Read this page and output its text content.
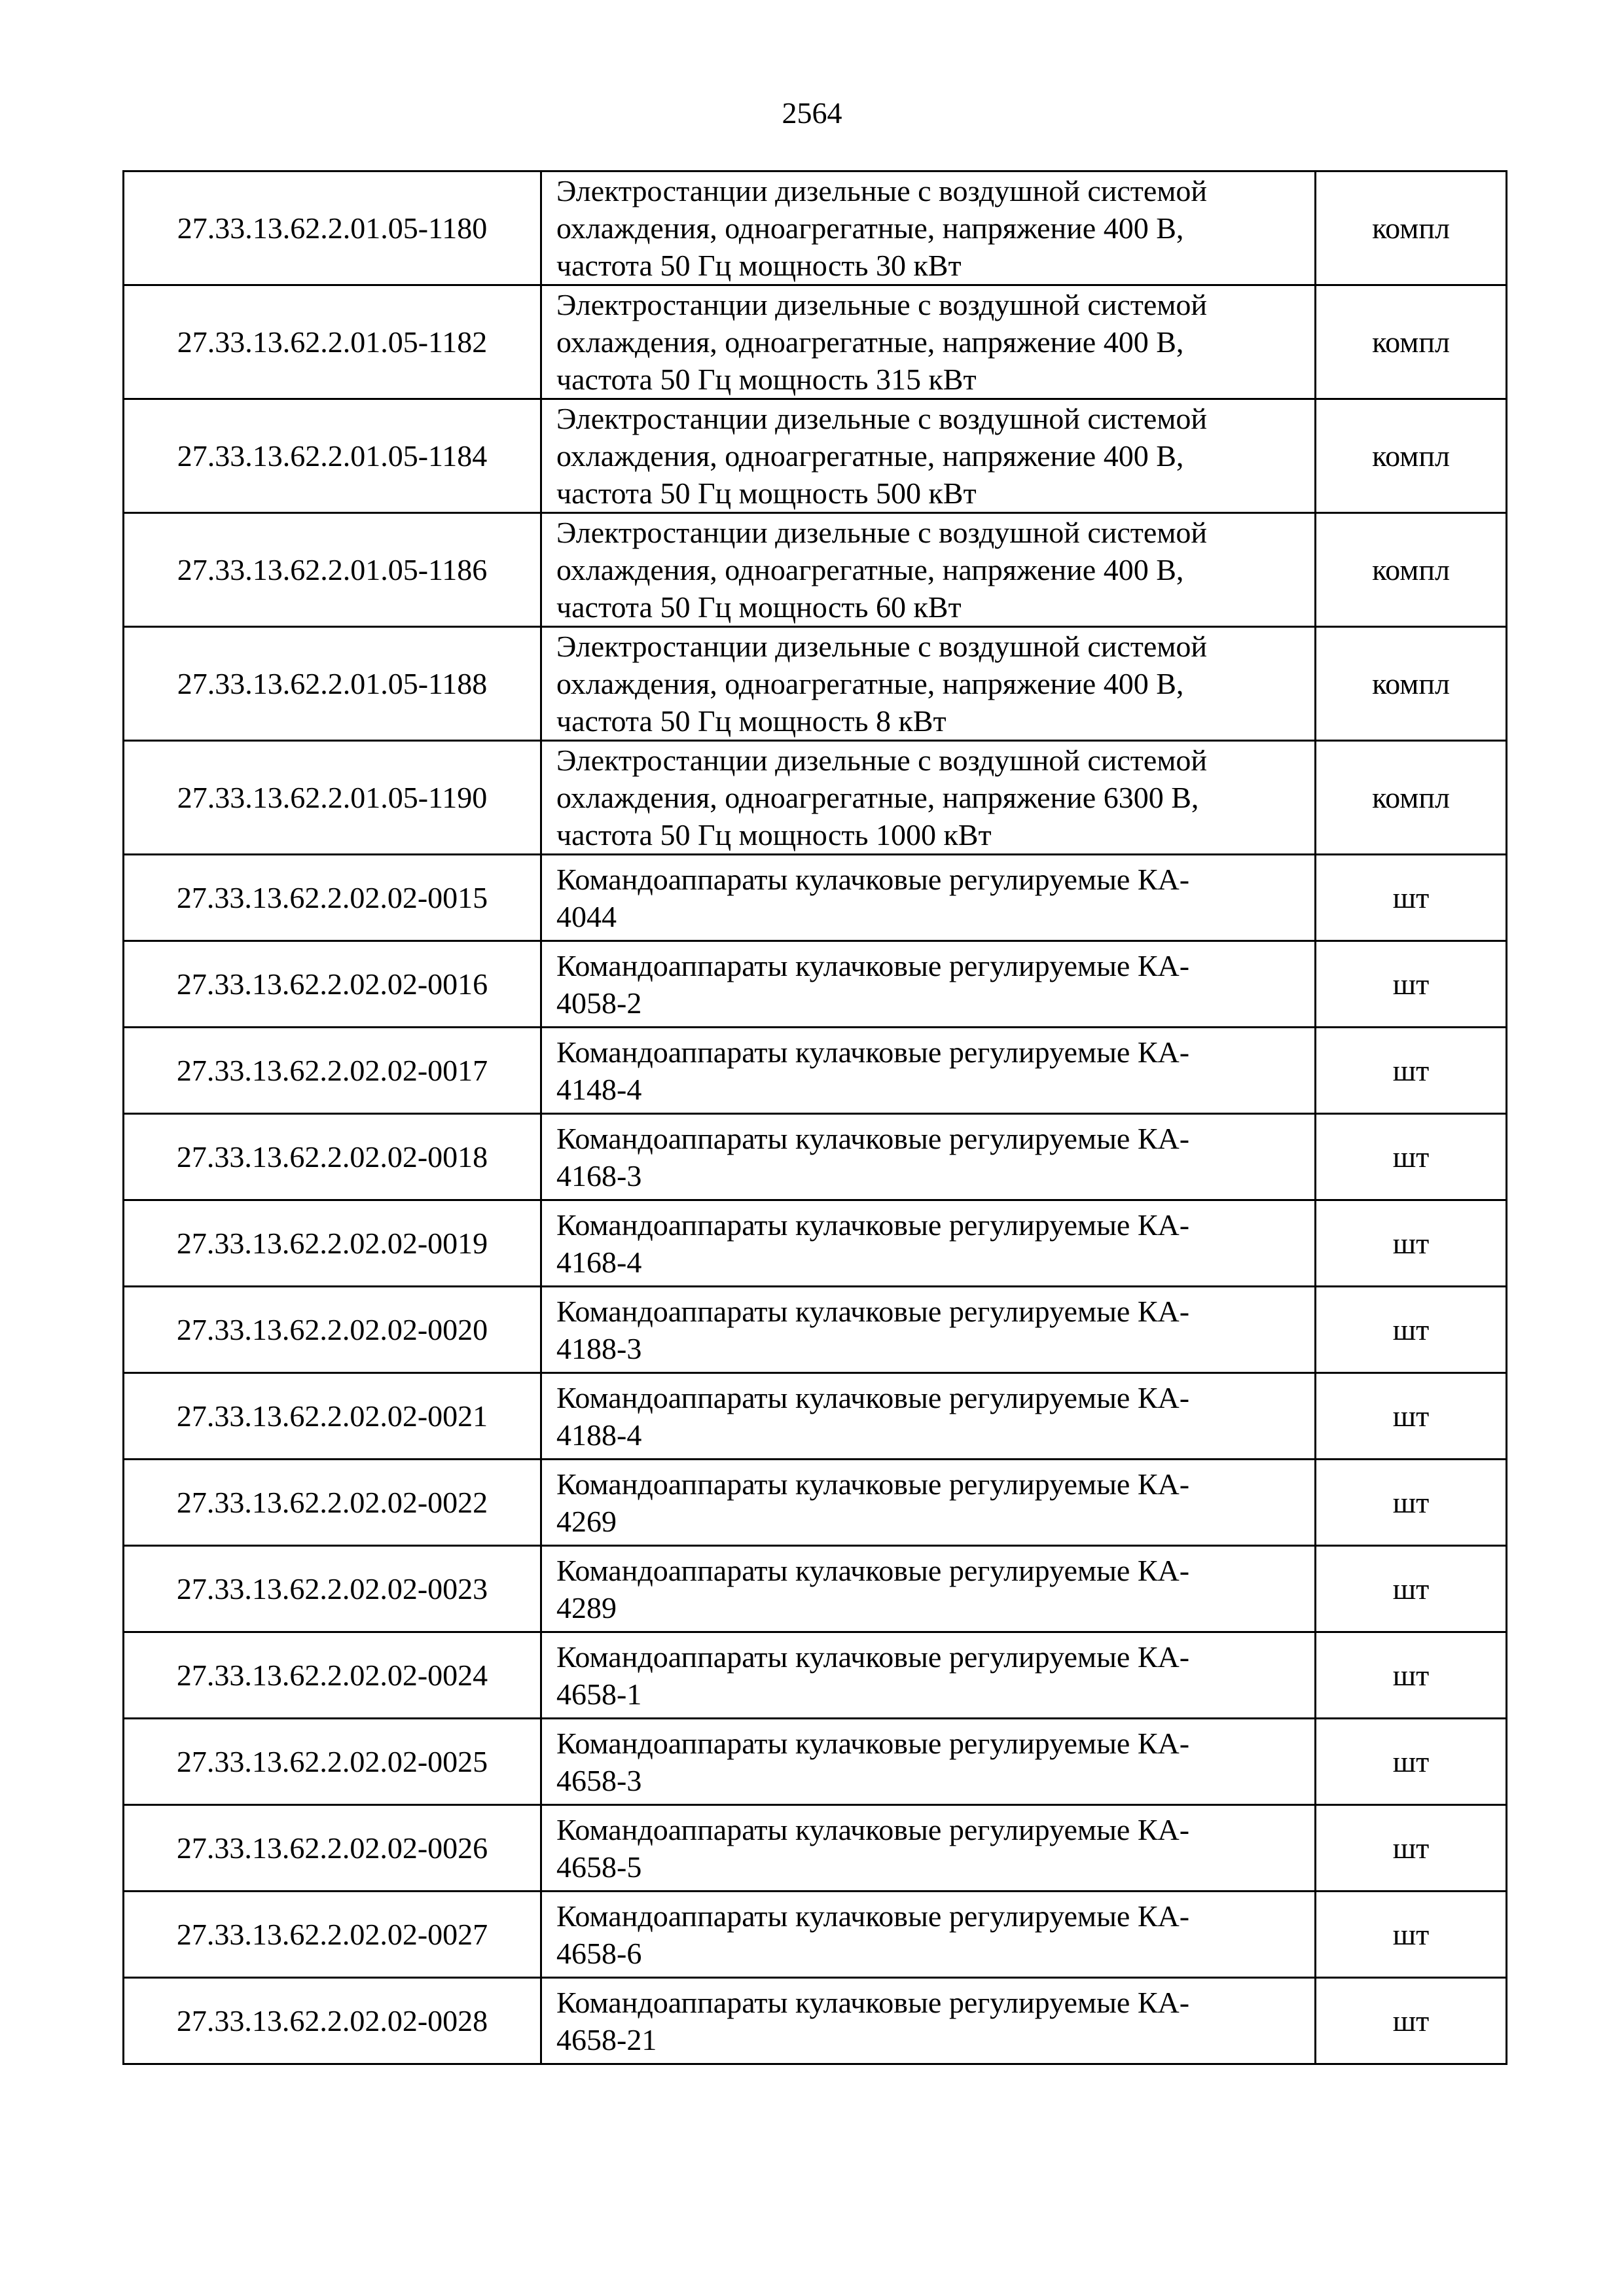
2564
27.33.13.62.2.01.05-1180	Электростанции дизельные с воздушной системой
охлаждения, одноагрегатные, напряжение 400 В,
частота 50 Гц мощность 30 кВт	компл
27.33.13.62.2.01.05-1182	Электростанции дизельные с воздушной системой
охлаждения, одноагрегатные, напряжение 400 В,
частота 50 Гц мощность 315 кВт	компл
27.33.13.62.2.01.05-1184	Электростанции дизельные с воздушной системой
охлаждения, одноагрегатные, напряжение 400 В,
частота 50 Гц мощность 500 кВт	компл
27.33.13.62.2.01.05-1186	Электростанции дизельные с воздушной системой
охлаждения, одноагрегатные, напряжение 400 В,
частота 50 Гц мощность 60 кВт	компл
27.33.13.62.2.01.05-1188	Электростанции дизельные с воздушной системой
охлаждения, одноагрегатные, напряжение 400 В,
частота 50 Гц мощность 8 кВт	компл
27.33.13.62.2.01.05-1190	Электростанции дизельные с воздушной системой
охлаждения, одноагрегатные, напряжение 6300 В,
частота 50 Гц мощность 1000 кВт	компл
27.33.13.62.2.02.02-0015	Командоаппараты кулачковые регулируемые КА-
4044	шт
27.33.13.62.2.02.02-0016	Командоаппараты кулачковые регулируемые КА-
4058-2	шт
27.33.13.62.2.02.02-0017	Командоаппараты кулачковые регулируемые КА-
4148-4	шт
27.33.13.62.2.02.02-0018	Командоаппараты кулачковые регулируемые КА-
4168-3	шт
27.33.13.62.2.02.02-0019	Командоаппараты кулачковые регулируемые КА-
4168-4	шт
27.33.13.62.2.02.02-0020	Командоаппараты кулачковые регулируемые КА-
4188-3	шт
27.33.13.62.2.02.02-0021	Командоаппараты кулачковые регулируемые КА-
4188-4	шт
27.33.13.62.2.02.02-0022	Командоаппараты кулачковые регулируемые КА-
4269	шт
27.33.13.62.2.02.02-0023	Командоаппараты кулачковые регулируемые КА-
4289	шт
27.33.13.62.2.02.02-0024	Командоаппараты кулачковые регулируемые КА-
4658-1	шт
27.33.13.62.2.02.02-0025	Командоаппараты кулачковые регулируемые КА-
4658-3	шт
27.33.13.62.2.02.02-0026	Командоаппараты кулачковые регулируемые КА-
4658-5	шт
27.33.13.62.2.02.02-0027	Командоаппараты кулачковые регулируемые КА-
4658-6	шт
27.33.13.62.2.02.02-0028	Командоаппараты кулачковые регулируемые КА-
4658-21	шт
